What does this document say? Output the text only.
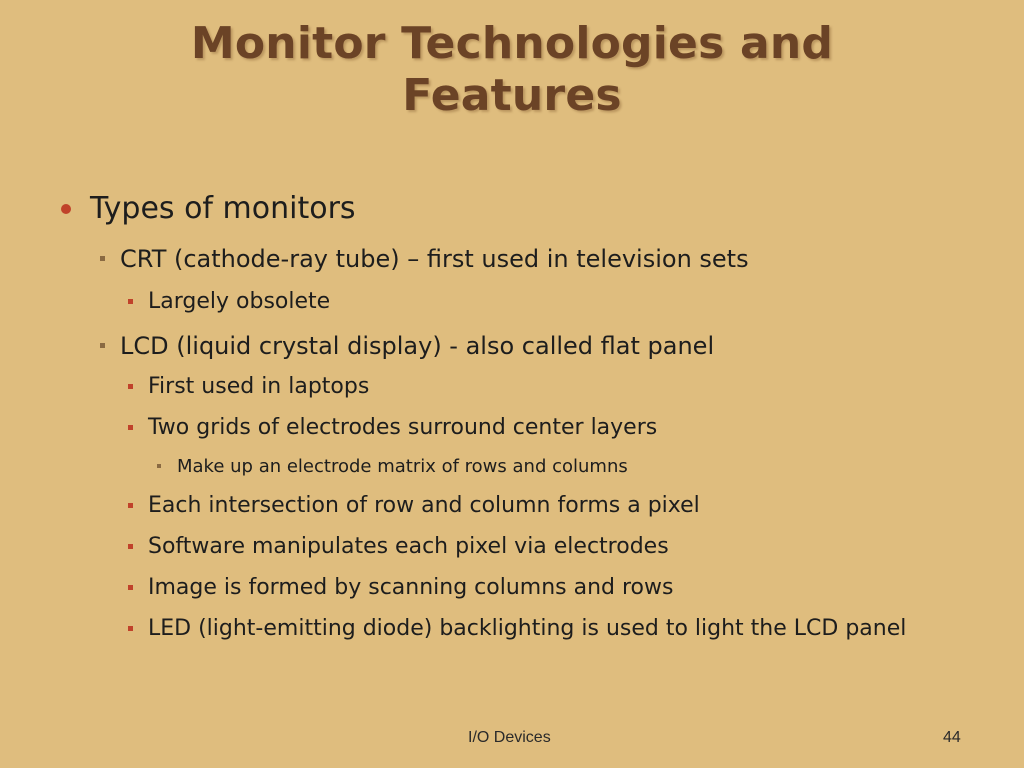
Monitor Technologies and
Features
Types of monitors
CRT (cathode-ray tube) – first used in television sets
Largely obsolete
LCD (liquid crystal display) - also called flat panel
First used in laptops
Two grids of electrodes surround center layers
Make up an electrode matrix of rows and columns
Each intersection of row and column forms a pixel
Software manipulates each pixel via electrodes
Image is formed by scanning columns and rows
LED (light-emitting diode) backlighting is used to light the LCD panel
I/O Devices	44
